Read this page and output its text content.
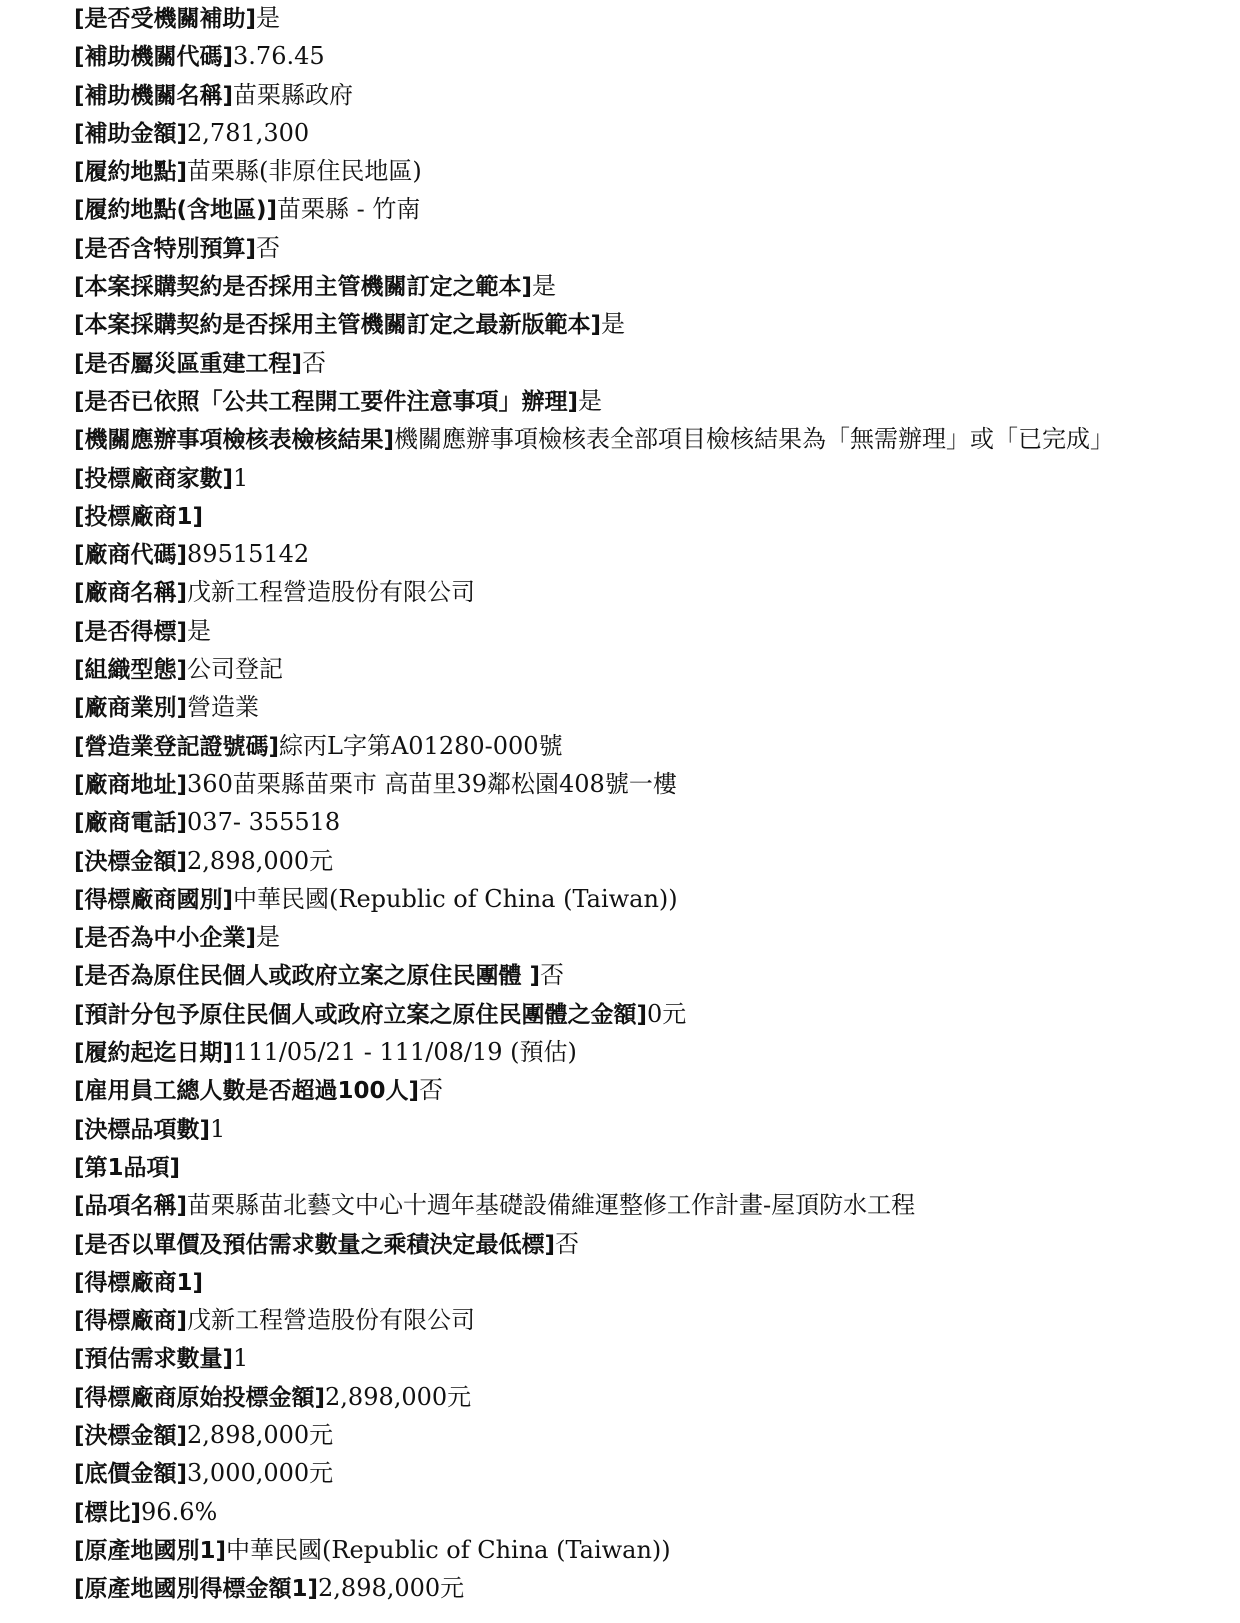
[是否受機關補助]是
[補助機關代碼]3.76.45
[補助機關名稱]苗栗縣政府
[補助金額]2,781,300
[履約地點]苗栗縣(非原住民地區)
[履約地點(含地區)]苗栗縣 - 竹南
[是否含特別預算]否
[本案採購契約是否採用主管機關訂定之範本]是
[本案採購契約是否採用主管機關訂定之最新版範本]是
[是否屬災區重建工程]否
[是否已依照「公共工程開工要件注意事項」辦理]是
[機關應辦事項檢核表檢核結果]機關應辦事項檢核表全部項目檢核結果為「無需辦理」或「已完成」
[投標廠商家數]1
[投標廠商1]
[廠商代碼]89515142
[廠商名稱]戊新工程營造股份有限公司
[是否得標]是
[組織型態]公司登記
[廠商業別]營造業
[營造業登記證號碼]綜丙L字第A01280-000號
[廠商地址]360苗栗縣苗栗市 高苗里39鄰松園408號一樓
[廠商電話]037- 355518
[決標金額]2,898,000元
[得標廠商國別]中華民國(Republic of China (Taiwan))
[是否為中小企業]是
[是否為原住民個人或政府立案之原住民團體 ]否
[預計分包予原住民個人或政府立案之原住民團體之金額]0元
[履約起迄日期]111/05/21 - 111/08/19 (預估)
[雇用員工總人數是否超過100人]否
[決標品項數]1
[第1品項]
[品項名稱]苗栗縣苗北藝文中心十週年基礎設備維運整修工作計畫-屋頂防水工程
[是否以單價及預估需求數量之乘積決定最低標]否
[得標廠商1]
[得標廠商]戊新工程營造股份有限公司
[預估需求數量]1
[得標廠商原始投標金額]2,898,000元
[決標金額]2,898,000元
[底價金額]3,000,000元
[標比]96.6%
[原產地國別1]中華民國(Republic of China (Taiwan))
[原產地國別得標金額1]2,898,000元
